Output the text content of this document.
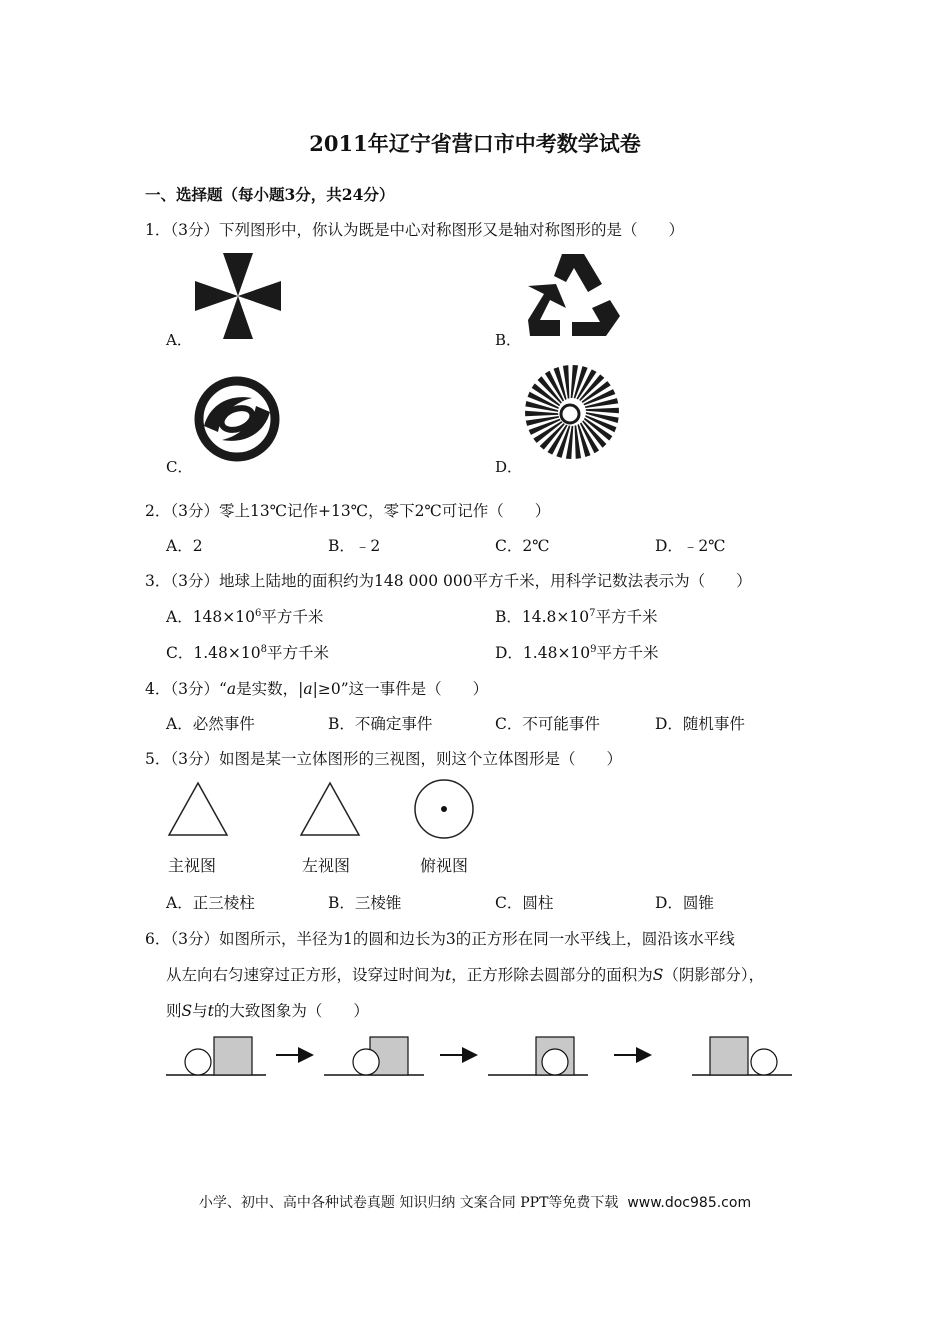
2011年辽宁省营口市中考数学试卷
一、选择题（每小题3分，共24分）
1．（3分）下列图形中，你认为既是中心对称图形又是轴对称图形的是（　　）
A．	B．
C．	D．
2．（3分）零上13℃记作+13℃，零下2℃可记作（　　）
A．2	B．﹣2	C．2℃	D．﹣2℃
3．（3分）地球上陆地的面积约为148 000 000平方千米，用科学记数法表示为（　　）
A．$148\times 10^6$平方千米	B．$14.8\times 10^7$平方千米
C．$1.48\times 10^8$平方千米	D．$1.48\times 10^9$平方千米
4．（3分）“a是实数，|a|≥0”这一事件是（　　）
A．必然事件	B．不确定事件	C．不可能事件	D．随机事件
5．（3分）如图是某一立体图形的三视图，则这个立体图形是（　　）
主视图	左视图	俯视图
A．正三棱柱	B．三棱锥	C．圆柱	D．圆锥
6．（3分）如图所示，半径为1的圆和边长为3的正方形在同一水平线上，圆沿该水平线
从左向右匀速穿过正方形，设穿过时间为t，正方形除去圆部分的面积为S（阴影部分），
则S与t的大致图象为（　　）
小学、初中、高中各种试卷真题 知识归纳 文案合同 PPT等免费下载 www.doc985.com
